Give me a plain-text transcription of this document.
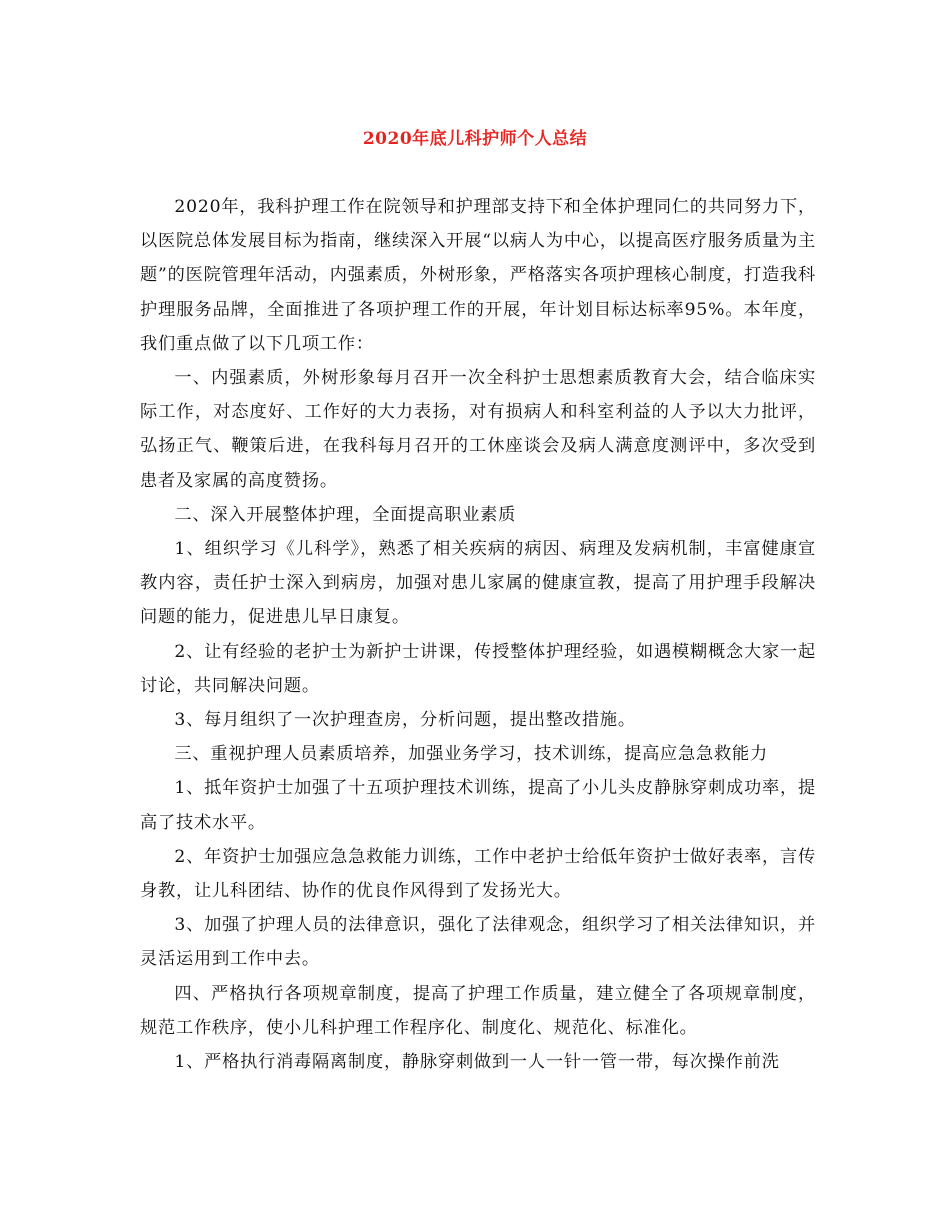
2020年底儿科护师个人总结

2020年，我科护理工作在院领导和护理部支持下和全体护理同仁的共同努力下，以医院总体发展目标为指南，继续深入开展“以病人为中心，以提高医疗服务质量为主题”的医院管理年活动，内强素质，外树形象，严格落实各项护理核心制度，打造我科护理服务品牌，全面推进了各项护理工作的开展，年计划目标达标率95%。本年度，我们重点做了以下几项工作：

一、内强素质，外树形象每月召开一次全科护士思想素质教育大会，结合临床实际工作，对态度好、工作好的大力表扬，对有损病人和科室利益的人予以大力批评，弘扬正气、鞭策后进，在我科每月召开的工休座谈会及病人满意度测评中，多次受到患者及家属的高度赞扬。

二、深入开展整体护理，全面提高职业素质

1、组织学习《儿科学》，熟悉了相关疾病的病因、病理及发病机制，丰富健康宣教内容，责任护士深入到病房，加强对患儿家属的健康宣教，提高了用护理手段解决问题的能力，促进患儿早日康复。

2、让有经验的老护士为新护士讲课，传授整体护理经验，如遇模糊概念大家一起讨论，共同解决问题。

3、每月组织了一次护理查房，分析问题，提出整改措施。

三、重视护理人员素质培养，加强业务学习，技术训练，提高应急急救能力

1、抵年资护士加强了十五项护理技术训练，提高了小儿头皮静脉穿刺成功率，提高了技术水平。

2、年资护士加强应急急救能力训练，工作中老护士给低年资护士做好表率，言传身教，让儿科团结、协作的优良作风得到了发扬光大。

3、加强了护理人员的法律意识，强化了法律观念，组织学习了相关法律知识，并灵活运用到工作中去。

四、严格执行各项规章制度，提高了护理工作质量，建立健全了各项规章制度，规范工作秩序，使小儿科护理工作程序化、制度化、规范化、标准化。

1、严格执行消毒隔离制度，静脉穿刺做到一人一针一管一带，每次操作前洗
